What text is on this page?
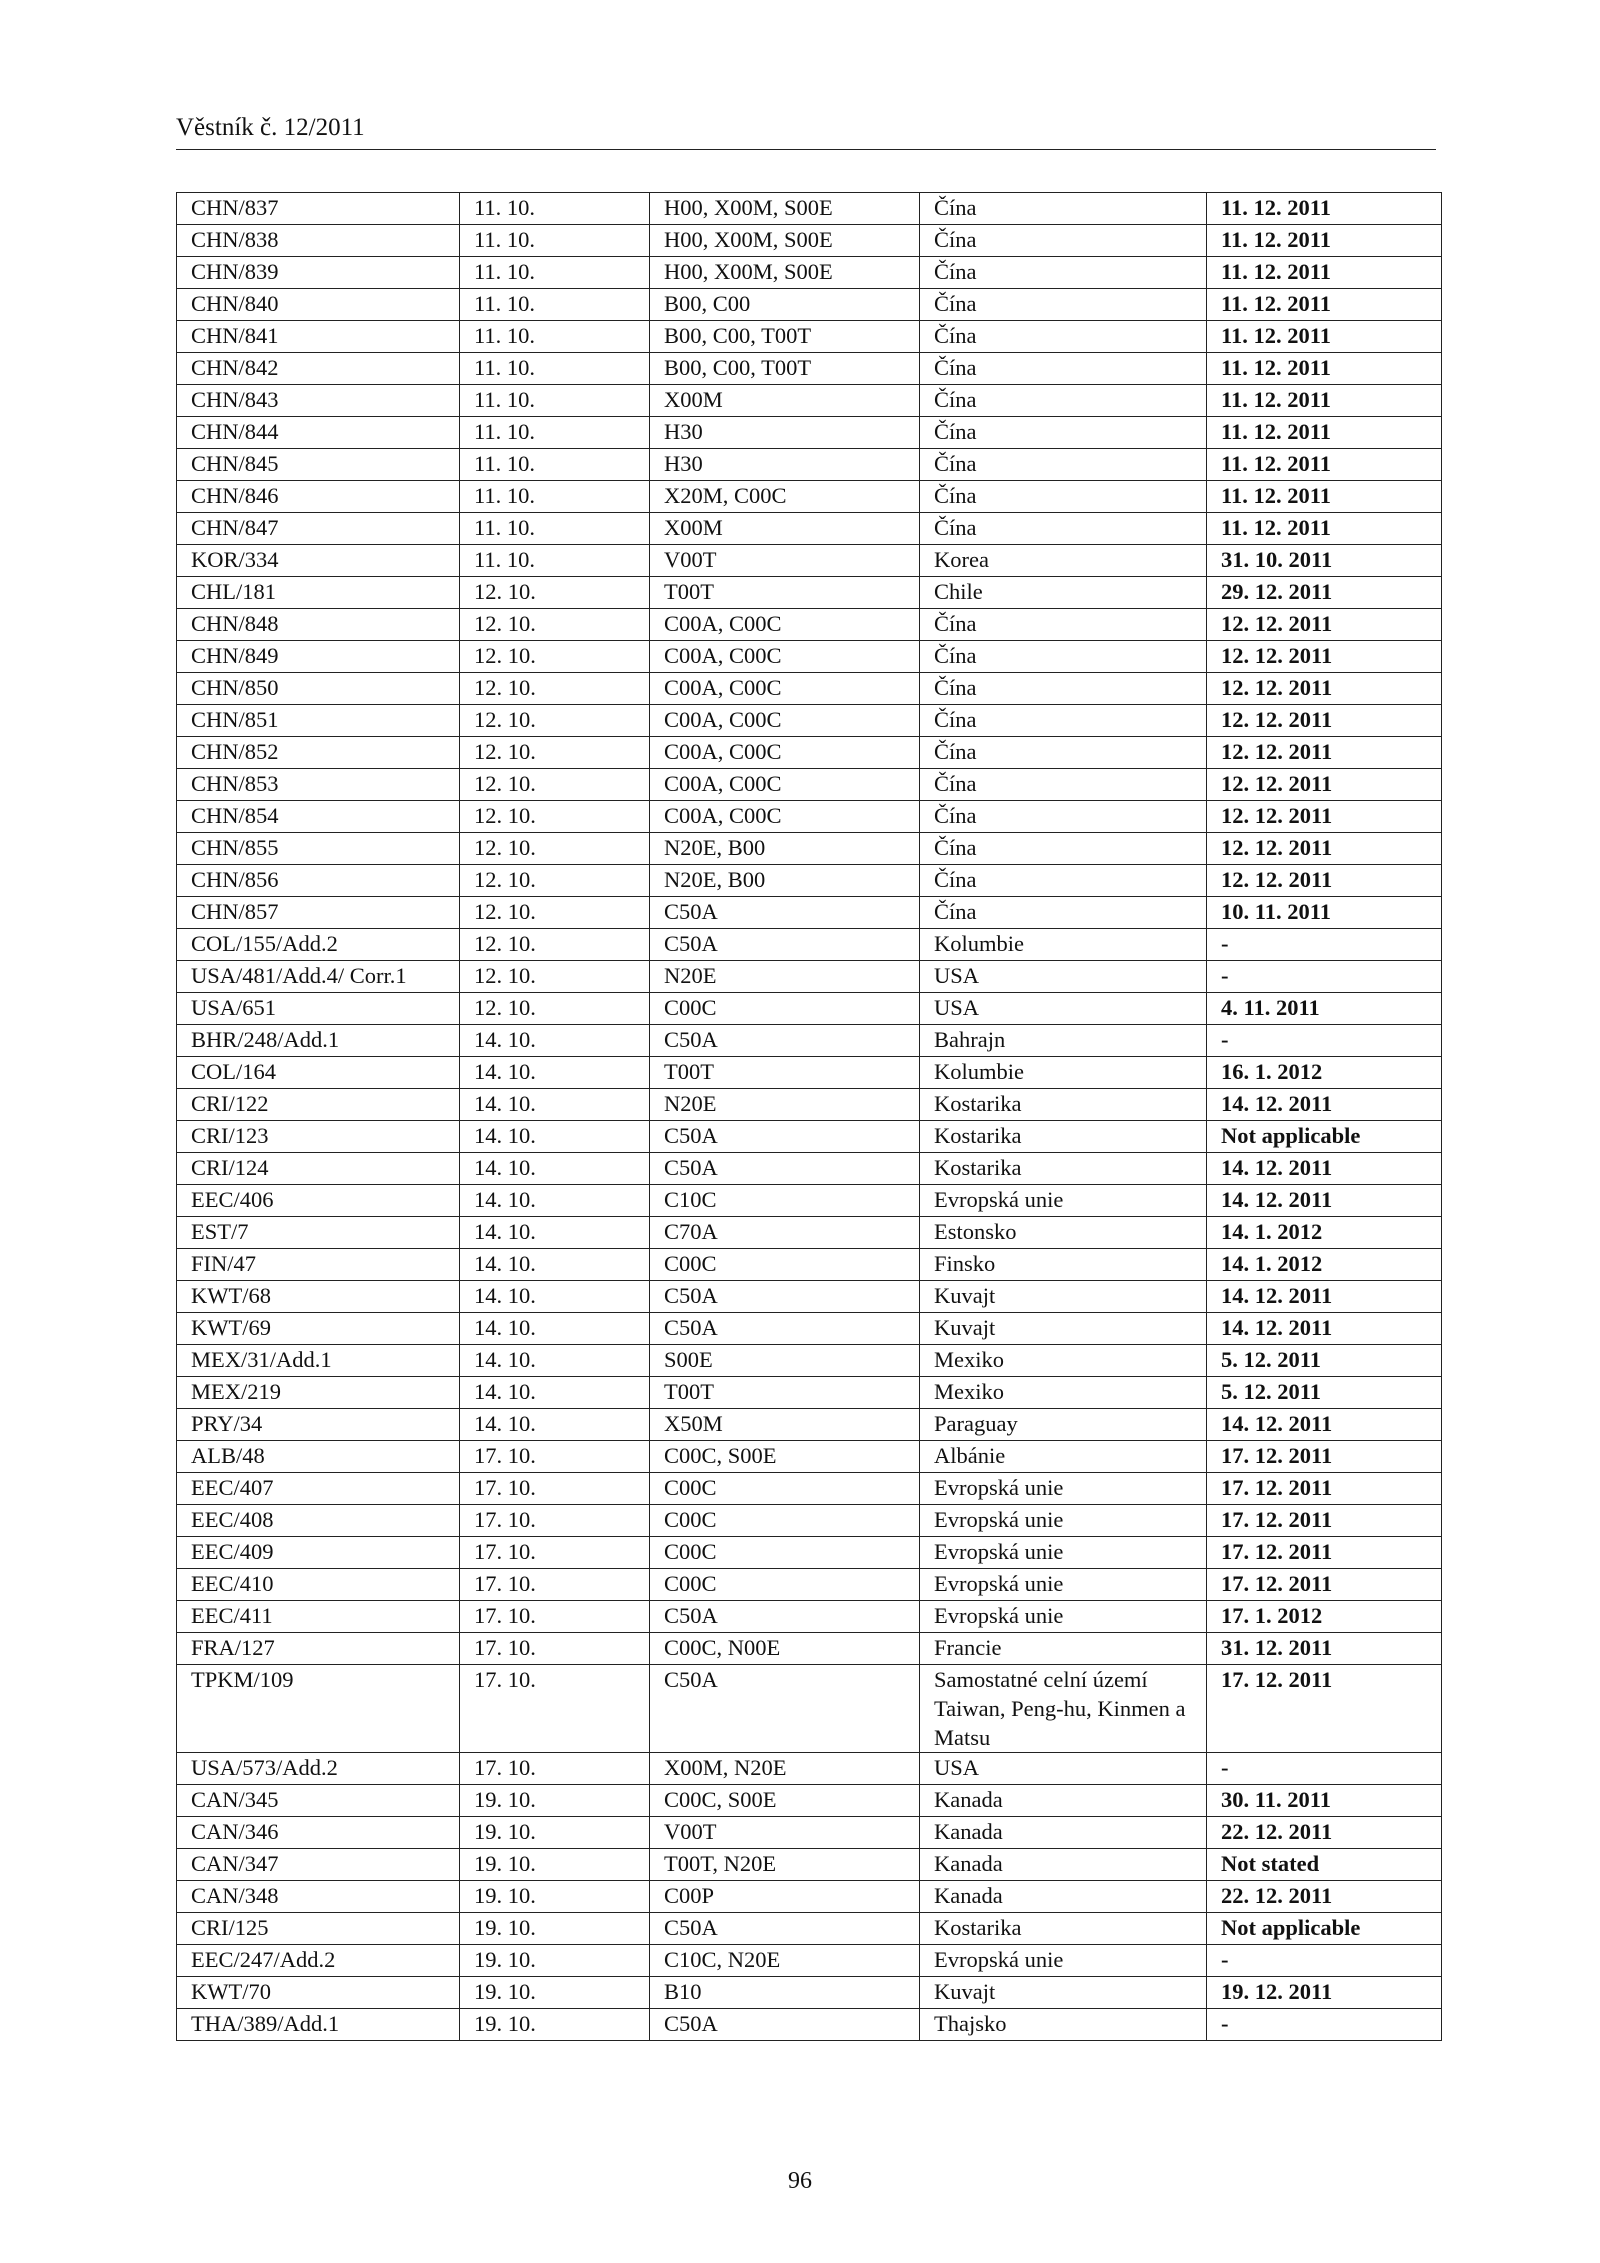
Věstník č. 12/2011
CHN/837	11. 10.	H00, X00M, S00E	Čína	11. 12. 2011
CHN/838	11. 10.	H00, X00M, S00E	Čína	11. 12. 2011
CHN/839	11. 10.	H00, X00M, S00E	Čína	11. 12. 2011
CHN/840	11. 10.	B00, C00	Čína	11. 12. 2011
CHN/841	11. 10.	B00, C00, T00T	Čína	11. 12. 2011
CHN/842	11. 10.	B00, C00, T00T	Čína	11. 12. 2011
CHN/843	11. 10.	X00M	Čína	11. 12. 2011
CHN/844	11. 10.	H30	Čína	11. 12. 2011
CHN/845	11. 10.	H30	Čína	11. 12. 2011
CHN/846	11. 10.	X20M, C00C	Čína	11. 12. 2011
CHN/847	11. 10.	X00M	Čína	11. 12. 2011
KOR/334	11. 10.	V00T	Korea	31. 10. 2011
CHL/181	12. 10.	T00T	Chile	29. 12. 2011
CHN/848	12. 10.	C00A, C00C	Čína	12. 12. 2011
CHN/849	12. 10.	C00A, C00C	Čína	12. 12. 2011
CHN/850	12. 10.	C00A, C00C	Čína	12. 12. 2011
CHN/851	12. 10.	C00A, C00C	Čína	12. 12. 2011
CHN/852	12. 10.	C00A, C00C	Čína	12. 12. 2011
CHN/853	12. 10.	C00A, C00C	Čína	12. 12. 2011
CHN/854	12. 10.	C00A, C00C	Čína	12. 12. 2011
CHN/855	12. 10.	N20E, B00	Čína	12. 12. 2011
CHN/856	12. 10.	N20E, B00	Čína	12. 12. 2011
CHN/857	12. 10.	C50A	Čína	10. 11. 2011
COL/155/Add.2	12. 10.	C50A	Kolumbie	-
USA/481/Add.4/ Corr.1	12. 10.	N20E	USA	-
USA/651	12. 10.	C00C	USA	4. 11. 2011
BHR/248/Add.1	14. 10.	C50A	Bahrajn	-
COL/164	14. 10.	T00T	Kolumbie	16. 1. 2012
CRI/122	14. 10.	N20E	Kostarika	14. 12. 2011
CRI/123	14. 10.	C50A	Kostarika	Not applicable
CRI/124	14. 10.	C50A	Kostarika	14. 12. 2011
EEC/406	14. 10.	C10C	Evropská unie	14. 12. 2011
EST/7	14. 10.	C70A	Estonsko	14. 1. 2012
FIN/47	14. 10.	C00C	Finsko	14. 1. 2012
KWT/68	14. 10.	C50A	Kuvajt	14. 12. 2011
KWT/69	14. 10.	C50A	Kuvajt	14. 12. 2011
MEX/31/Add.1	14. 10.	S00E	Mexiko	5. 12. 2011
MEX/219	14. 10.	T00T	Mexiko	5. 12. 2011
PRY/34	14. 10.	X50M	Paraguay	14. 12. 2011
ALB/48	17. 10.	C00C, S00E	Albánie	17. 12. 2011
EEC/407	17. 10.	C00C	Evropská unie	17. 12. 2011
EEC/408	17. 10.	C00C	Evropská unie	17. 12. 2011
EEC/409	17. 10.	C00C	Evropská unie	17. 12. 2011
EEC/410	17. 10.	C00C	Evropská unie	17. 12. 2011
EEC/411	17. 10.	C50A	Evropská unie	17. 1. 2012
FRA/127	17. 10.	C00C, N00E	Francie	31. 12. 2011
TPKM/109	17. 10.	C50A	Samostatné celní území Taiwan, Peng-hu, Kinmen a Matsu	17. 12. 2011
USA/573/Add.2	17. 10.	X00M, N20E	USA	-
CAN/345	19. 10.	C00C, S00E	Kanada	30. 11. 2011
CAN/346	19. 10.	V00T	Kanada	22. 12. 2011
CAN/347	19. 10.	T00T, N20E	Kanada	Not stated
CAN/348	19. 10.	C00P	Kanada	22. 12. 2011
CRI/125	19. 10.	C50A	Kostarika	Not applicable
EEC/247/Add.2	19. 10.	C10C, N20E	Evropská unie	-
KWT/70	19. 10.	B10	Kuvajt	19. 12. 2011
THA/389/Add.1	19. 10.	C50A	Thajsko	-
96
